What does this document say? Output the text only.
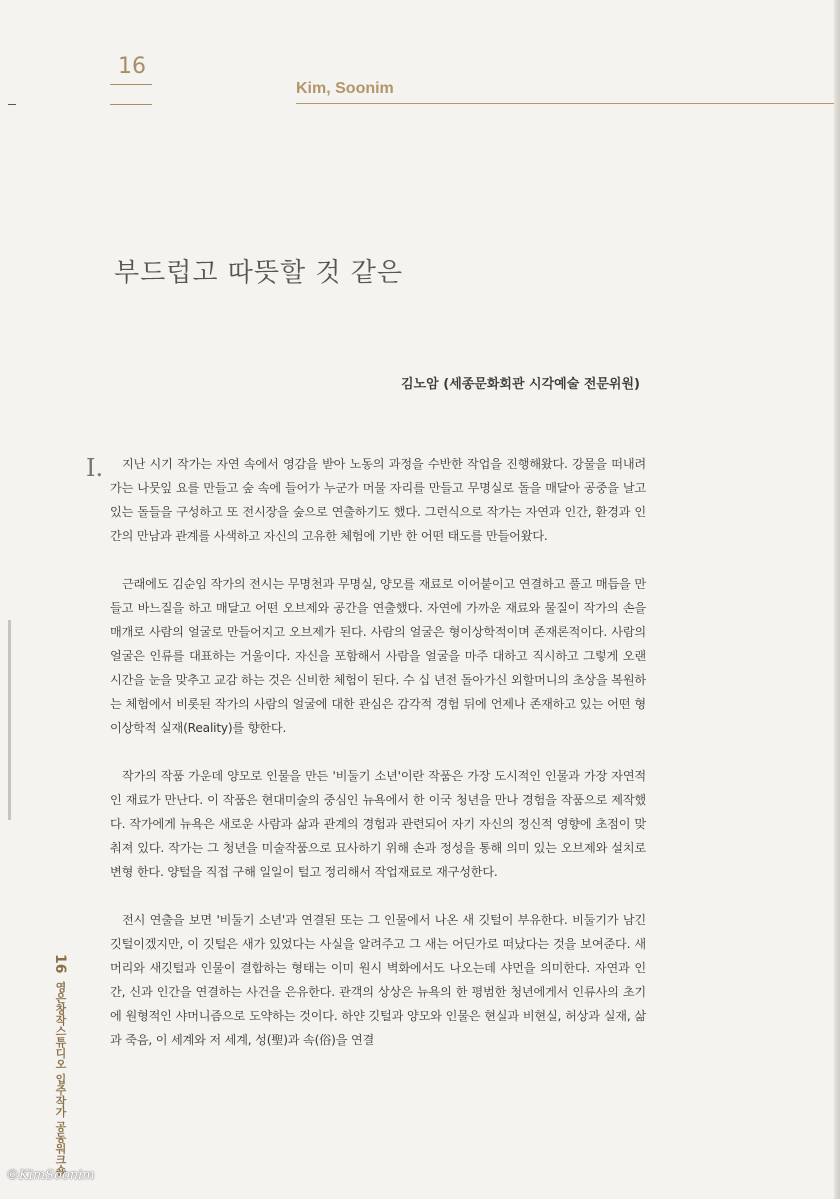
16
Kim, Soonim
부드럽고 따뜻할 것 같은
김노암 (세종문화회관 시각예술 전문위원)
I.	지난 시기 작가는 자연 속에서 영감을 받아 노동의 과정을 수반한 작업을 진행해왔다. 강물을 떠내려가는 나뭇잎 요를 만들고 숲 속에 들어가 누군가 머물 자리를 만들고 무명실로 돌을 매달아 공중을 날고 있는 돌들을 구성하고 또 전시장을 숲으로 연출하기도 했다. 그런식으로 작가는 자연과 인간, 환경과 인간의 만남과 관계를 사색하고 자신의 고유한 체험에 기반 한 어떤 태도를 만들어왔다.

근래에도 김순임 작가의 전시는 무명천과 무명실, 양모를 재료로 이어붙이고 연결하고 풀고 매듭을 만들고 바느질을 하고 매달고 어떤 오브제와 공간을 연출했다. 자연에 가까운 재료와 물질이 작가의 손을 매개로 사람의 얼굴로 만들어지고 오브제가 된다. 사람의 얼굴은 형이상학적이며 존재론적이다. 사람의 얼굴은 인류를 대표하는 거울이다. 자신을 포함해서 사람을 얼굴을 마주 대하고 직시하고 그렇게 오랜 시간을 눈을 맞추고 교감 하는 것은 신비한 체험이 된다. 수 십 년전 돌아가신 외할머니의 초상을 복원하는 체험에서 비롯된 작가의 사람의 얼굴에 대한 관심은 감각적 경험 뒤에 언제나 존재하고 있는 어떤 형이상학적 실재(Reality)를 향한다.

작가의 작품 가운데 양모로 인물을 만든 '비둘기 소년'이란 작품은 가장 도시적인 인물과 가장 자연적인 재료가 만난다. 이 작품은 현대미술의 중심인 뉴욕에서 한 이국 청년을 만나 경험을 작품으로 제작했다. 작가에게 뉴욕은 새로운 사람과 삶과 관계의 경험과 관련되어 자기 자신의 정신적 영향에 초점이 맞춰져 있다. 작가는 그 청년을 미술작품으로 묘사하기 위해 손과 정성을 통해 의미 있는 오브제와 설치로 변형 한다. 양털을 직접 구해 일일이 털고 정리해서 작업재료로 재구성한다.

전시 연출을 보면 '비둘기 소년'과 연결된 또는 그 인물에서 나온 새 깃털이 부유한다. 비둘기가 남긴 깃털이겠지만, 이 깃털은 새가 있었다는 사실을 알려주고 그 새는 어딘가로 떠났다는 것을 보여준다. 새머리와 새깃털과 인물이 결합하는 형태는 이미 원시 벽화에서도 나오는데 샤먼을 의미한다. 자연과 인간, 신과 인간을 연결하는 사건을 은유한다. 관객의 상상은 뉴욕의 한 평범한 청년에게서 인류사의 초기에 원형적인 샤머니즘으로 도약하는 것이다. 하얀 깃털과 양모와 인물은 현실과 비현실, 허상과 실재, 삶과 죽음, 이 세계와 저 세계, 성(聖)과 속(俗)을 연결

16 영은창작스튜디오 입주작가 공동워크숍
©KimSoonim
